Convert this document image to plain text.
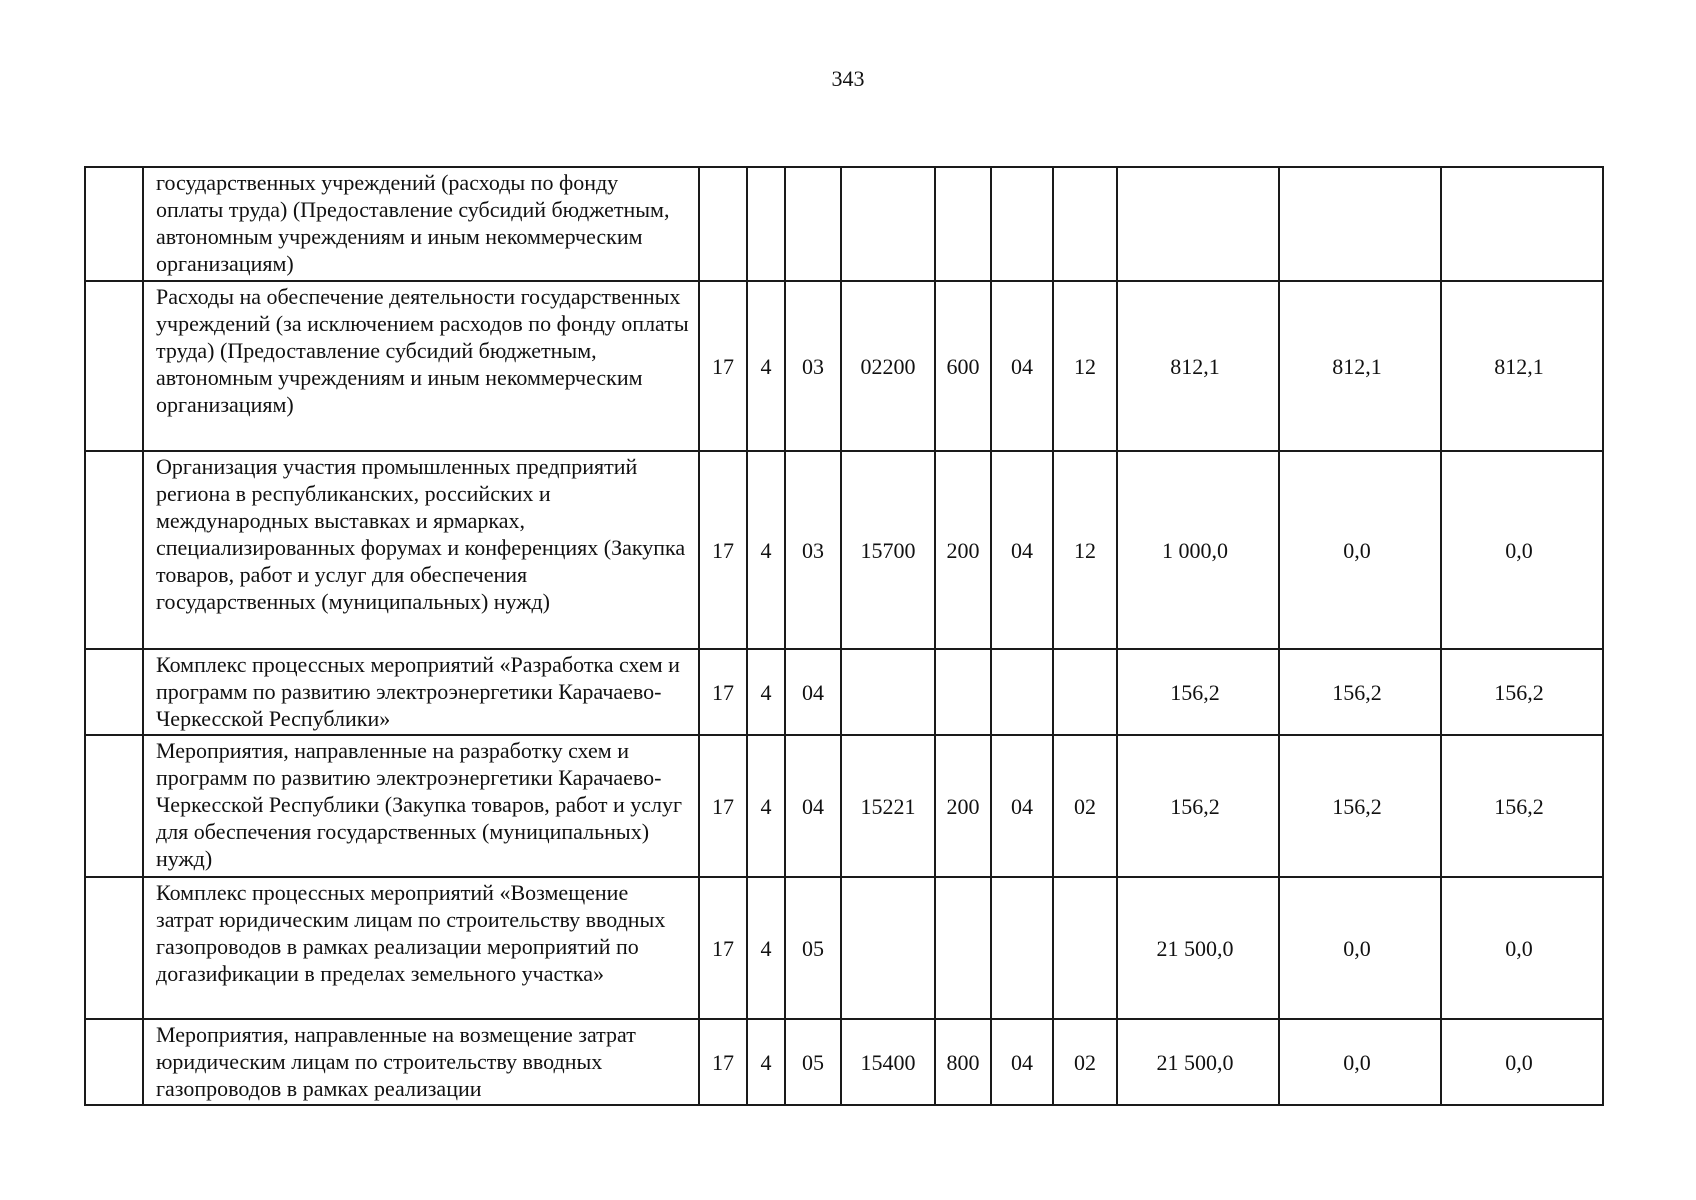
343
	государственных учреждений (расходы по фонду оплаты труда) (Предоставление субсидий бюджетным, автономным учреждениям и иным некоммерческим организациям)										
	Расходы на обеспечение деятельности государственных учреждений (за исключением расходов по фонду оплаты труда) (Предоставление субсидий бюджетным, автономным учреждениям и иным некоммерческим организациям)	17	4	03	02200	600	04	12	812,1	812,1	812,1
	Организация участия промышленных предприятий региона в республиканских, российских и международных выставках и ярмарках, специализированных форумах и конференциях (Закупка товаров, работ и услуг для обеспечения государственных (муниципальных) нужд)	17	4	03	15700	200	04	12	1 000,0	0,0	0,0
	Комплекс процессных мероприятий «Разработка схем и программ по развитию электроэнергетики Карачаево-Черкесской Республики»	17	4	04					156,2	156,2	156,2
	Мероприятия, направленные на разработку схем и программ по развитию электроэнергетики Карачаево-Черкесской Республики (Закупка товаров, работ и услуг для обеспечения государственных (муниципальных) нужд)	17	4	04	15221	200	04	02	156,2	156,2	156,2
	Комплекс процессных мероприятий «Возмещение затрат юридическим лицам по строительству вводных газопроводов в рамках реализации мероприятий по догазификации в пределах земельного участка»	17	4	05					21 500,0	0,0	0,0
	Мероприятия, направленные на возмещение затрат юридическим лицам по строительству вводных газопроводов в рамках реализации	17	4	05	15400	800	04	02	21 500,0	0,0	0,0
